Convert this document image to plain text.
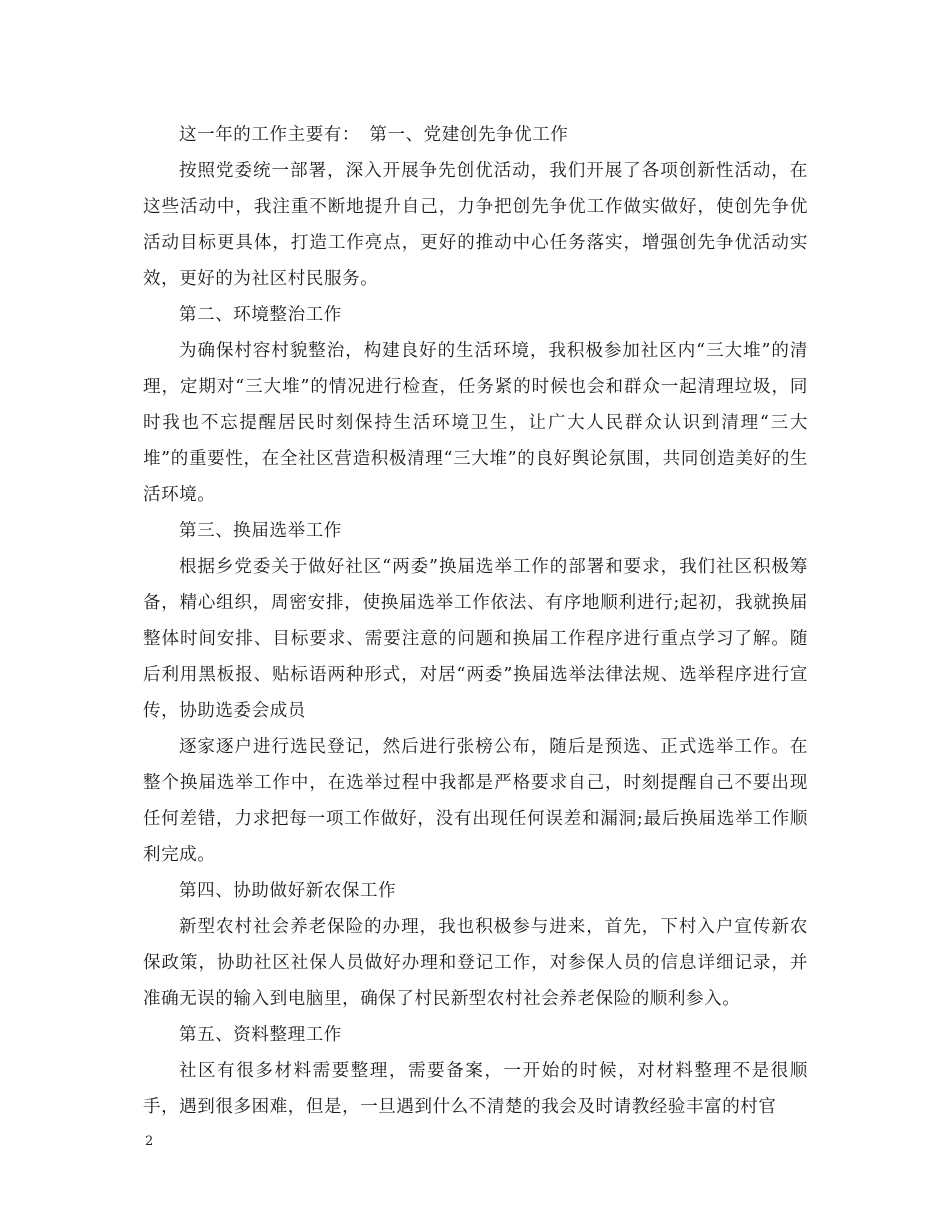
这一年的工作主要有：　第一、党建创先争优工作

按照党委统一部署，深入开展争先创优活动，我们开展了各项创新性活动，在这些活动中，我注重不断地提升自己，力争把创先争优工作做实做好，使创先争优活动目标更具体，打造工作亮点，更好的推动中心任务落实，增强创先争优活动实效，更好的为社区村民服务。

第二、环境整治工作

为确保村容村貌整治，构建良好的生活环境，我积极参加社区内“三大堆”的清理，定期对“三大堆”的情况进行检查，任务紧的时候也会和群众一起清理垃圾，同时我也不忘提醒居民时刻保持生活环境卫生，让广大人民群众认识到清理“三大堆”的重要性，在全社区营造积极清理“三大堆”的良好舆论氛围，共同创造美好的生活环境。

第三、换届选举工作

根据乡党委关于做好社区“两委”换届选举工作的部署和要求，我们社区积极筹备，精心组织，周密安排，使换届选举工作依法、有序地顺利进行;起初，我就换届整体时间安排、目标要求、需要注意的问题和换届工作程序进行重点学习了解。随后利用黑板报、贴标语两种形式，对居“两委”换届选举法律法规、选举程序进行宣传，协助选委会成员

逐家逐户进行选民登记，然后进行张榜公布，随后是预选、正式选举工作。在整个换届选举工作中，在选举过程中我都是严格要求自己，时刻提醒自己不要出现任何差错，力求把每一项工作做好，没有出现任何误差和漏洞;最后换届选举工作顺利完成。

第四、协助做好新农保工作

新型农村社会养老保险的办理，我也积极参与进来，首先，下村入户宣传新农保政策，协助社区社保人员做好办理和登记工作，对参保人员的信息详细记录，并准确无误的输入到电脑里，确保了村民新型农村社会养老保险的顺利参入。

第五、资料整理工作

社区有很多材料需要整理，需要备案，一开始的时候，对材料整理不是很顺手，遇到很多困难，但是，一旦遇到什么不清楚的我会及时请教经验丰富的村官

2
